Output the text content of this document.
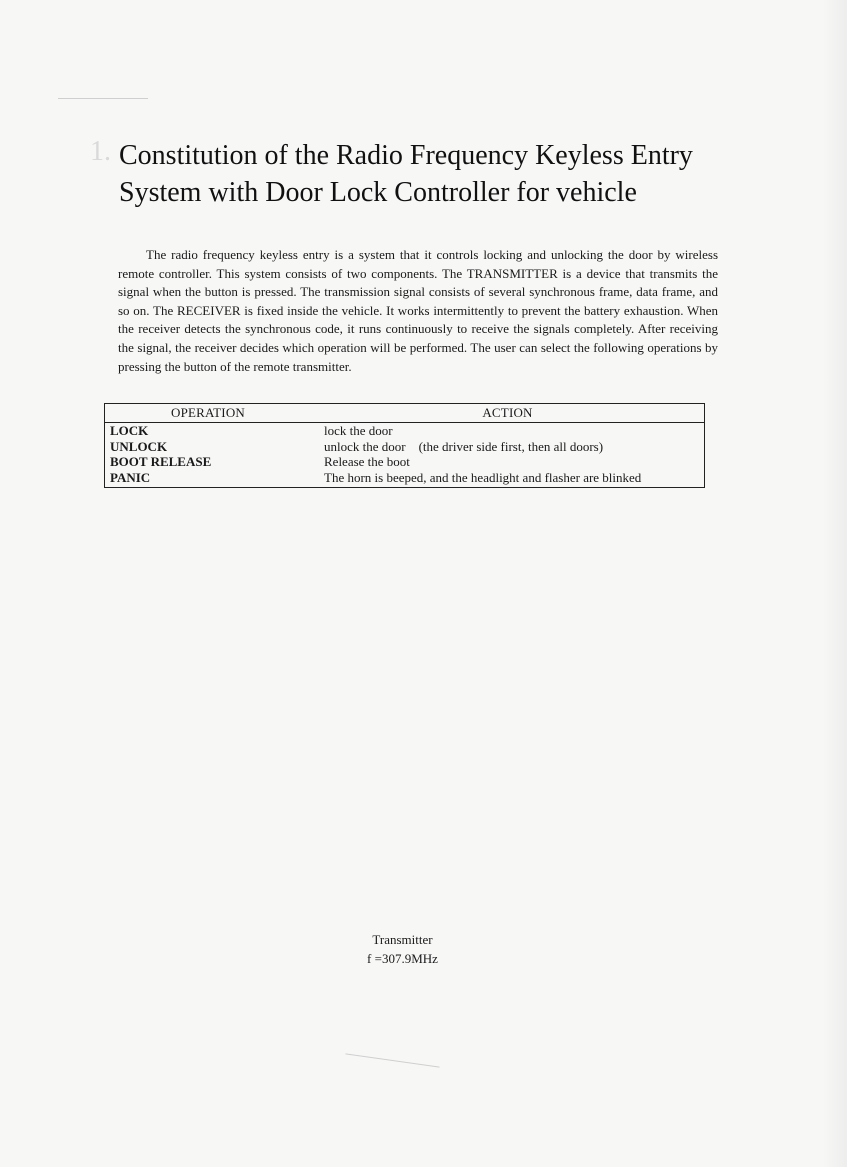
1. Constitution of the Radio Frequency Keyless Entry
System with Door Lock Controller for vehicle

The radio frequency keyless entry is a system that it controls locking and unlocking the door by wireless remote controller. This system consists of two components. The TRANSMITTER is a device that transmits the signal when the button is pressed. The transmission signal consists of several synchronous frame, data frame, and so on. The RECEIVER is fixed inside the vehicle. It works intermittently to prevent the battery exhaustion. When the receiver detects the synchronous code, it runs continuously to receive the signals completely. After receiving the signal, the receiver decides which operation will be performed. The user can select the following operations by pressing the button of the remote transmitter.

OPERATION	ACTION
LOCK	lock the door
UNLOCK	unlock the door    (the driver side first, then all doors)
BOOT RELEASE	Release the boot
PANIC	The horn is beeped, and the headlight and flasher are blinked

Transmitter
f =307.9MHz
